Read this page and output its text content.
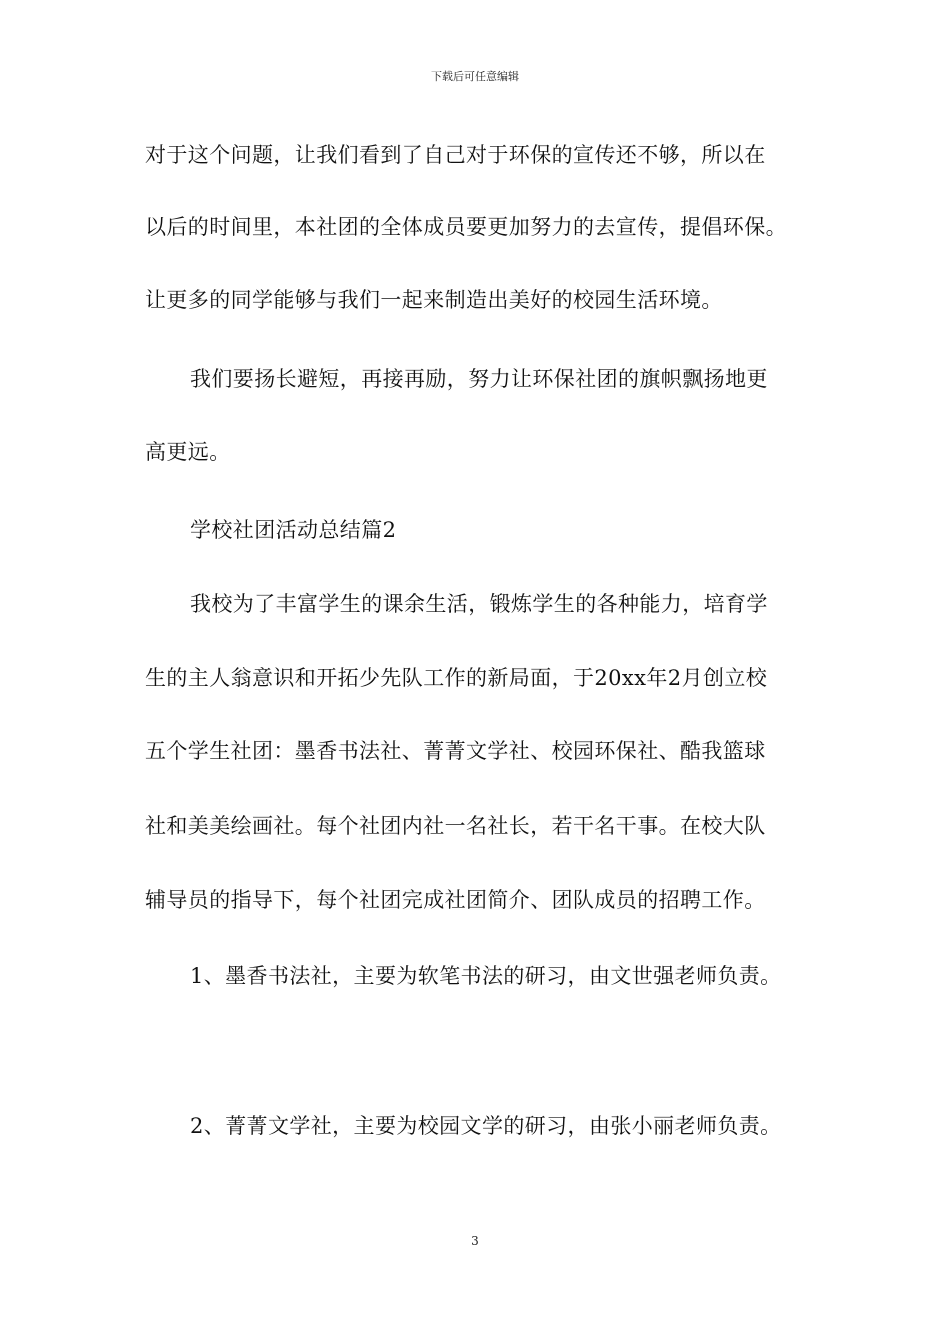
下载后可任意编辑
对于这个问题，让我们看到了自己对于环保的宣传还不够，所以在
以后的时间里，本社团的全体成员要更加努力的去宣传，提倡环保。
让更多的同学能够与我们一起来制造出美好的校园生活环境。
我们要扬长避短，再接再励，努力让环保社团的旗帜飘扬地更
高更远。
学校社团活动总结篇2
我校为了丰富学生的课余生活，锻炼学生的各种能力，培育学
生的主人翁意识和开拓少先队工作的新局面，于20xx年2月创立校
五个学生社团：墨香书法社、菁菁文学社、校园环保社、酷我篮球
社和美美绘画社。每个社团内社一名社长，若干名干事。在校大队
辅导员的指导下，每个社团完成社团简介、团队成员的招聘工作。
1、墨香书法社，主要为软笔书法的研习，由文世强老师负责。
2、菁菁文学社，主要为校园文学的研习，由张小丽老师负责。
3
